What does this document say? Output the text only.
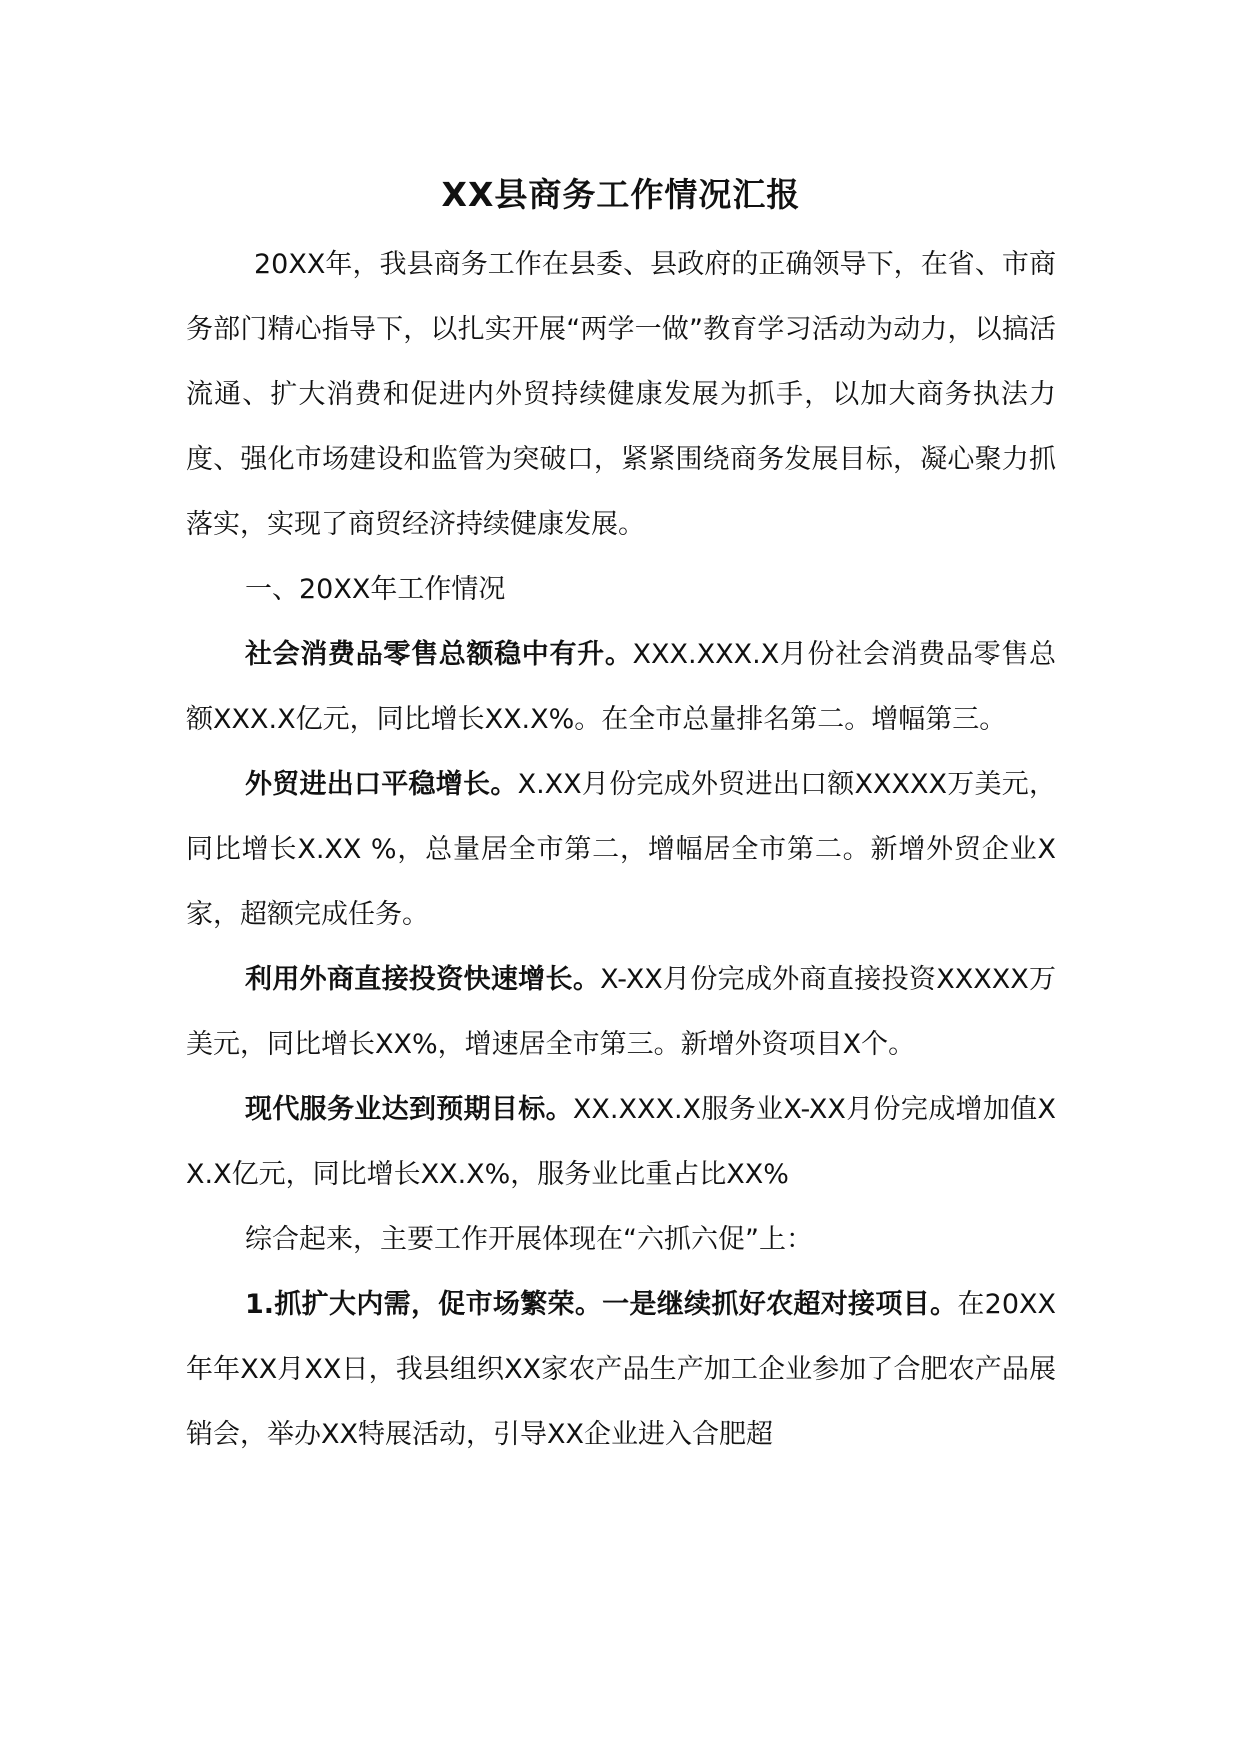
XX县商务工作情况汇报

20XX年，我县商务工作在县委、县政府的正确领导下，在省、市商务部门精心指导下，以扎实开展“两学一做”教育学习活动为动力，以搞活流通、扩大消费和促进内外贸持续健康发展为抓手，以加大商务执法力度、强化市场建设和监管为突破口，紧紧围绕商务发展目标，凝心聚力抓落实，实现了商贸经济持续健康发展。

一、20XX年工作情况

社会消费品零售总额稳中有升。XXX.XXX.X月份社会消费品零售总额XXX.X亿元，同比增长XX.X%。在全市总量排名第二。增幅第三。

外贸进出口平稳增长。X.XX月份完成外贸进出口额XXXXX万美元，同比增长X.XX %，总量居全市第二，增幅居全市第二。新增外贸企业X家，超额完成任务。

利用外商直接投资快速增长。X-XX月份完成外商直接投资XXXXX万美元，同比增长XX%，增速居全市第三。新增外资项目X个。

现代服务业达到预期目标。XX.XXX.X服务业X-XX月份完成增加值XX.X亿元，同比增长XX.X%，服务业比重占比XX%

综合起来，主要工作开展体现在“六抓六促”上：

1.抓扩大内需，促市场繁荣。一是继续抓好农超对接项目。在20XX年年XX月XX日，我县组织XX家农产品生产加工企业参加了合肥农产品展销会，举办XX特展活动，引导XX企业进入合肥超
